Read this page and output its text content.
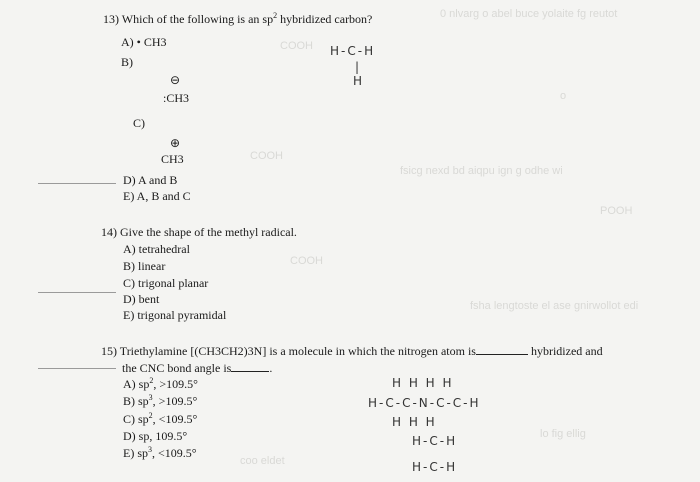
0 nlvarg o abel buce yolaite fg reutot
COOH
o
COOH
fsicg nexd bd aiqpu ign g odhe wi
POOH
COOH
fsha lengtoste el ase gnirwollot edi
coo eldet
lo fig ellig
13) Which of the following is an $sp^2$ hybridized carbon?
A) • CH3
B)
⊖
:CH3
C)
⊕
CH3
D) A and B
E) A, B and C
H-C-H
|
H
14) Give the shape of the methyl radical.
A) tetrahedral
B) linear
C) trigonal planar
D) bent
E) trigonal pyramidal
15) Triethylamine [(CH3CH2)3N] is a molecule in which the nitrogen atom is	hybridized and
the CNC bond angle is	.
A) $sp^2$, >109.5°
B) $sp^3$, >109.5°
C) $sp^2$, <109.5°
D) sp, 109.5°
E) $sp^3$, <109.5°
H H H H
H-C-C-N-C-C-H
H H H
H-C-H
H-C-H
